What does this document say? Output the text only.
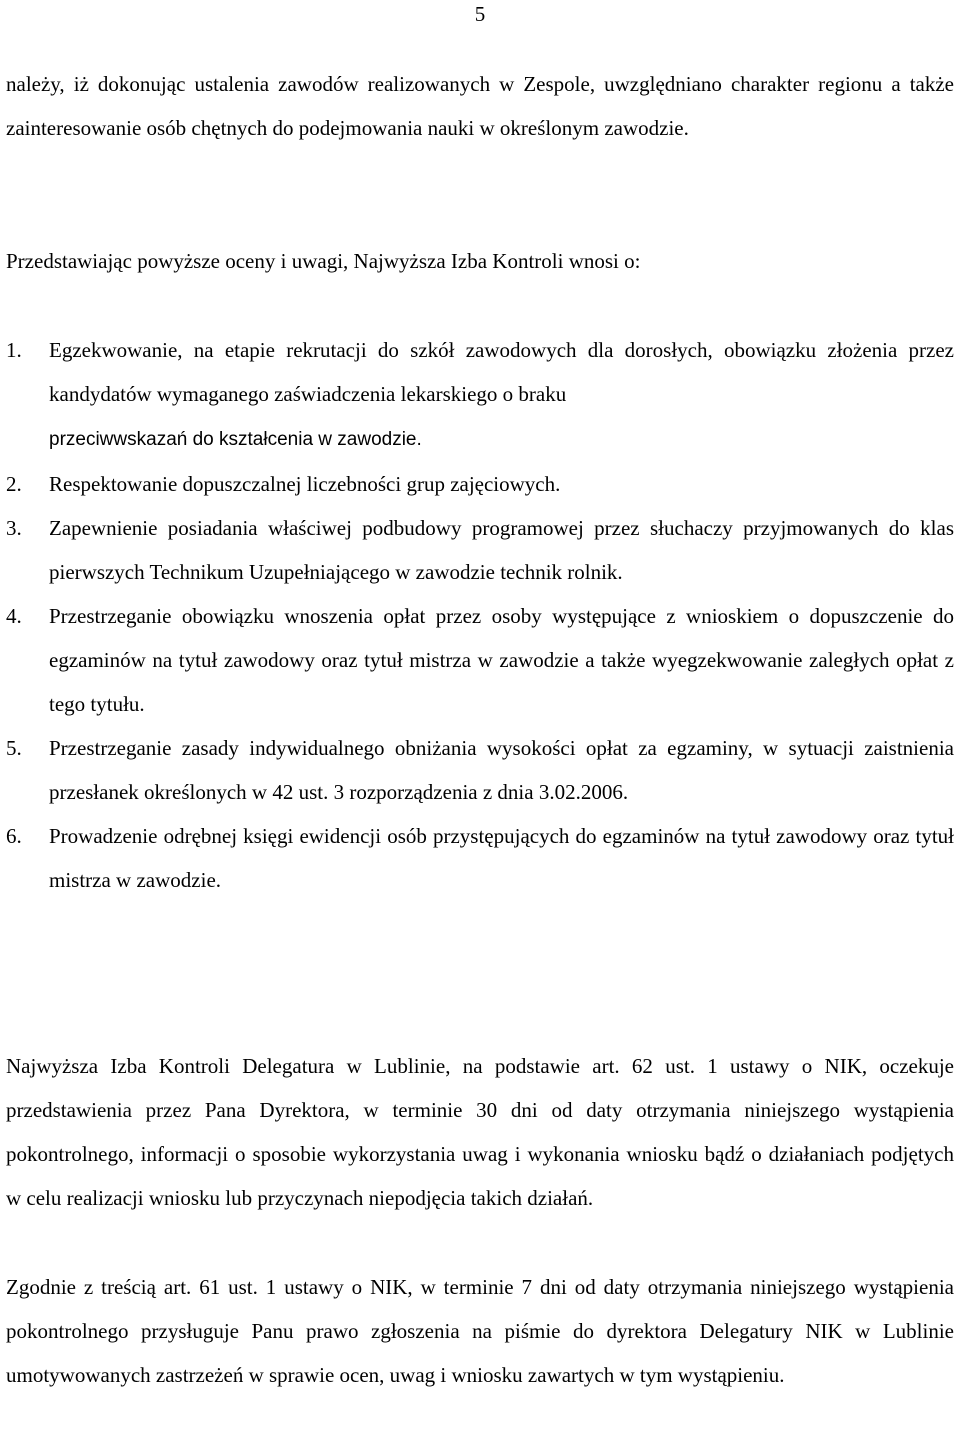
5

należy, iż dokonując ustalenia zawodów realizowanych w Zespole, uwzględniano charakter regionu a także zainteresowanie osób chętnych do podejmowania nauki w określonym zawodzie.

Przedstawiając powyższe oceny i uwagi, Najwyższa Izba Kontroli wnosi o:

1.	Egzekwowanie, na etapie rekrutacji do szkół zawodowych dla dorosłych, obowiązku złożenia przez kandydatów wymaganego zaświadczenia lekarskiego o braku
przeciwwskazań do kształcenia w zawodzie.
2.	Respektowanie dopuszczalnej liczebności grup zajęciowych.
3.	Zapewnienie posiadania właściwej podbudowy programowej przez słuchaczy przyjmowanych do klas pierwszych Technikum Uzupełniającego w zawodzie technik rolnik.
4.	Przestrzeganie obowiązku wnoszenia opłat przez osoby występujące z wnioskiem o dopuszczenie do egzaminów na tytuł zawodowy oraz tytuł mistrza w zawodzie a także wyegzekwowanie zaległych opłat z tego tytułu.
5.	Przestrzeganie zasady indywidualnego obniżania wysokości opłat za egzaminy, w sytuacji zaistnienia przesłanek określonych w 42 ust. 3 rozporządzenia z dnia 3.02.2006.
6.	Prowadzenie odrębnej księgi ewidencji osób przystępujących do egzaminów na tytuł zawodowy oraz tytuł mistrza w zawodzie.

Najwyższa Izba Kontroli Delegatura w Lublinie, na podstawie art. 62 ust. 1 ustawy o NIK, oczekuje przedstawienia przez Pana Dyrektora, w terminie 30 dni od daty otrzymania niniejszego wystąpienia pokontrolnego, informacji o sposobie wykorzystania uwag i wykonania wniosku bądź o działaniach podjętych w celu realizacji wniosku lub przyczynach niepodjęcia takich działań.

Zgodnie z treścią art. 61 ust. 1 ustawy o NIK, w terminie 7 dni od daty otrzymania niniejszego wystąpienia pokontrolnego przysługuje Panu prawo zgłoszenia na piśmie do dyrektora Delegatury NIK w Lublinie umotywowanych zastrzeżeń w sprawie ocen, uwag i wniosku zawartych w tym wystąpieniu.
